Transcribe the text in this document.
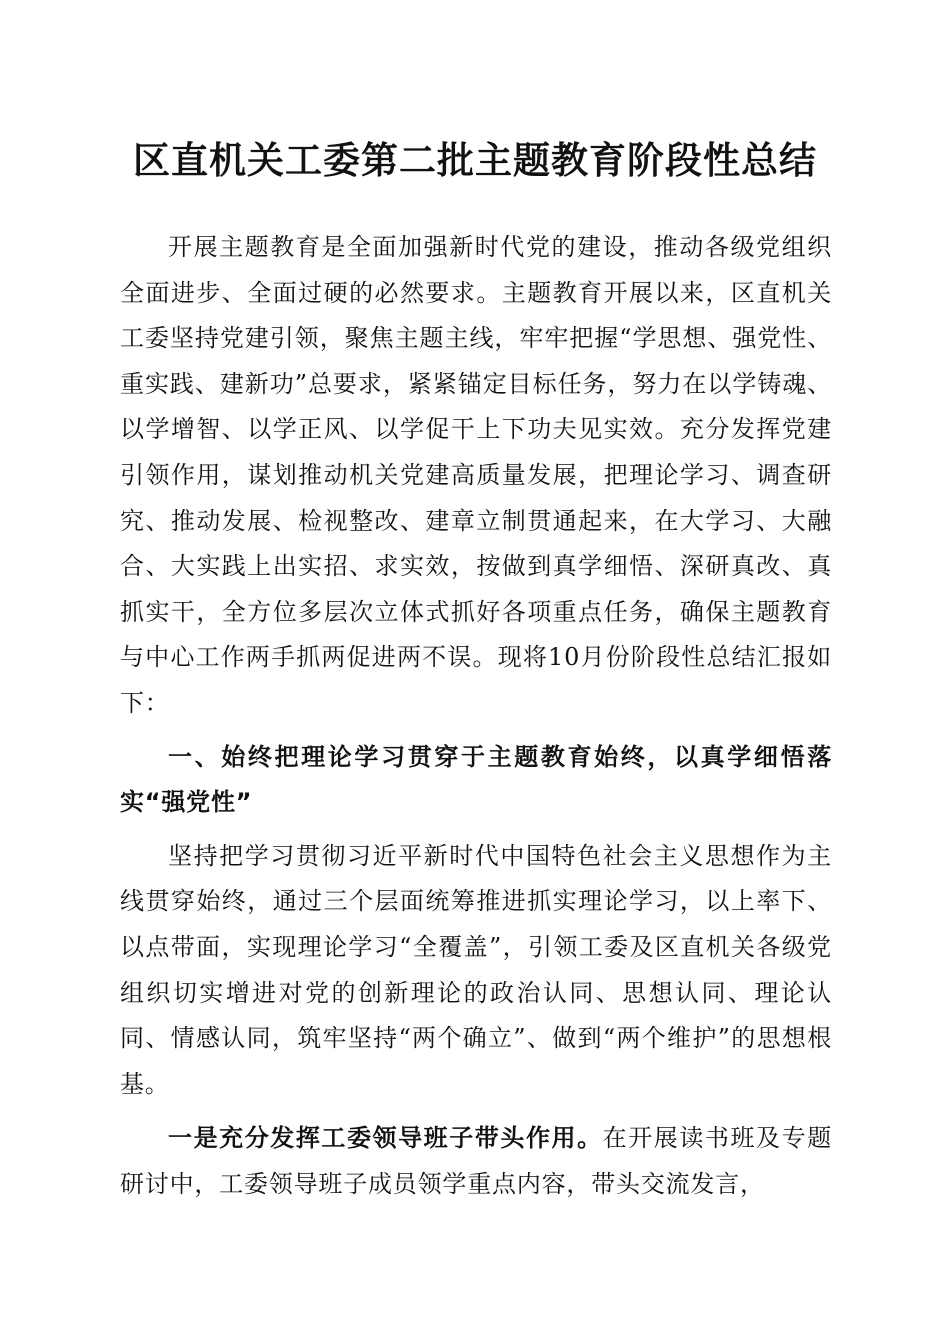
区直机关工委第二批主题教育阶段性总结

开展主题教育是全面加强新时代党的建设，推动各级党组织全面进步、全面过硬的必然要求。主题教育开展以来，区直机关工委坚持党建引领，聚焦主题主线，牢牢把握“学思想、强党性、重实践、建新功”总要求，紧紧锚定目标任务，努力在以学铸魂、以学增智、以学正风、以学促干上下功夫见实效。充分发挥党建引领作用，谋划推动机关党建高质量发展，把理论学习、调查研究、推动发展、检视整改、建章立制贯通起来，在大学习、大融合、大实践上出实招、求实效，按做到真学细悟、深研真改、真抓实干，全方位多层次立体式抓好各项重点任务，确保主题教育与中心工作两手抓两促进两不误。现将10月份阶段性总结汇报如下：

一、始终把理论学习贯穿于主题教育始终，以真学细悟落实“强党性”

坚持把学习贯彻习近平新时代中国特色社会主义思想作为主线贯穿始终，通过三个层面统筹推进抓实理论学习，以上率下、以点带面，实现理论学习“全覆盖”，引领工委及区直机关各级党组织切实增进对党的创新理论的政治认同、思想认同、理论认同、情感认同，筑牢坚持“两个确立”、做到“两个维护”的思想根基。

一是充分发挥工委领导班子带头作用。在开展读书班及专题研讨中，工委领导班子成员领学重点内容，带头交流发言，
